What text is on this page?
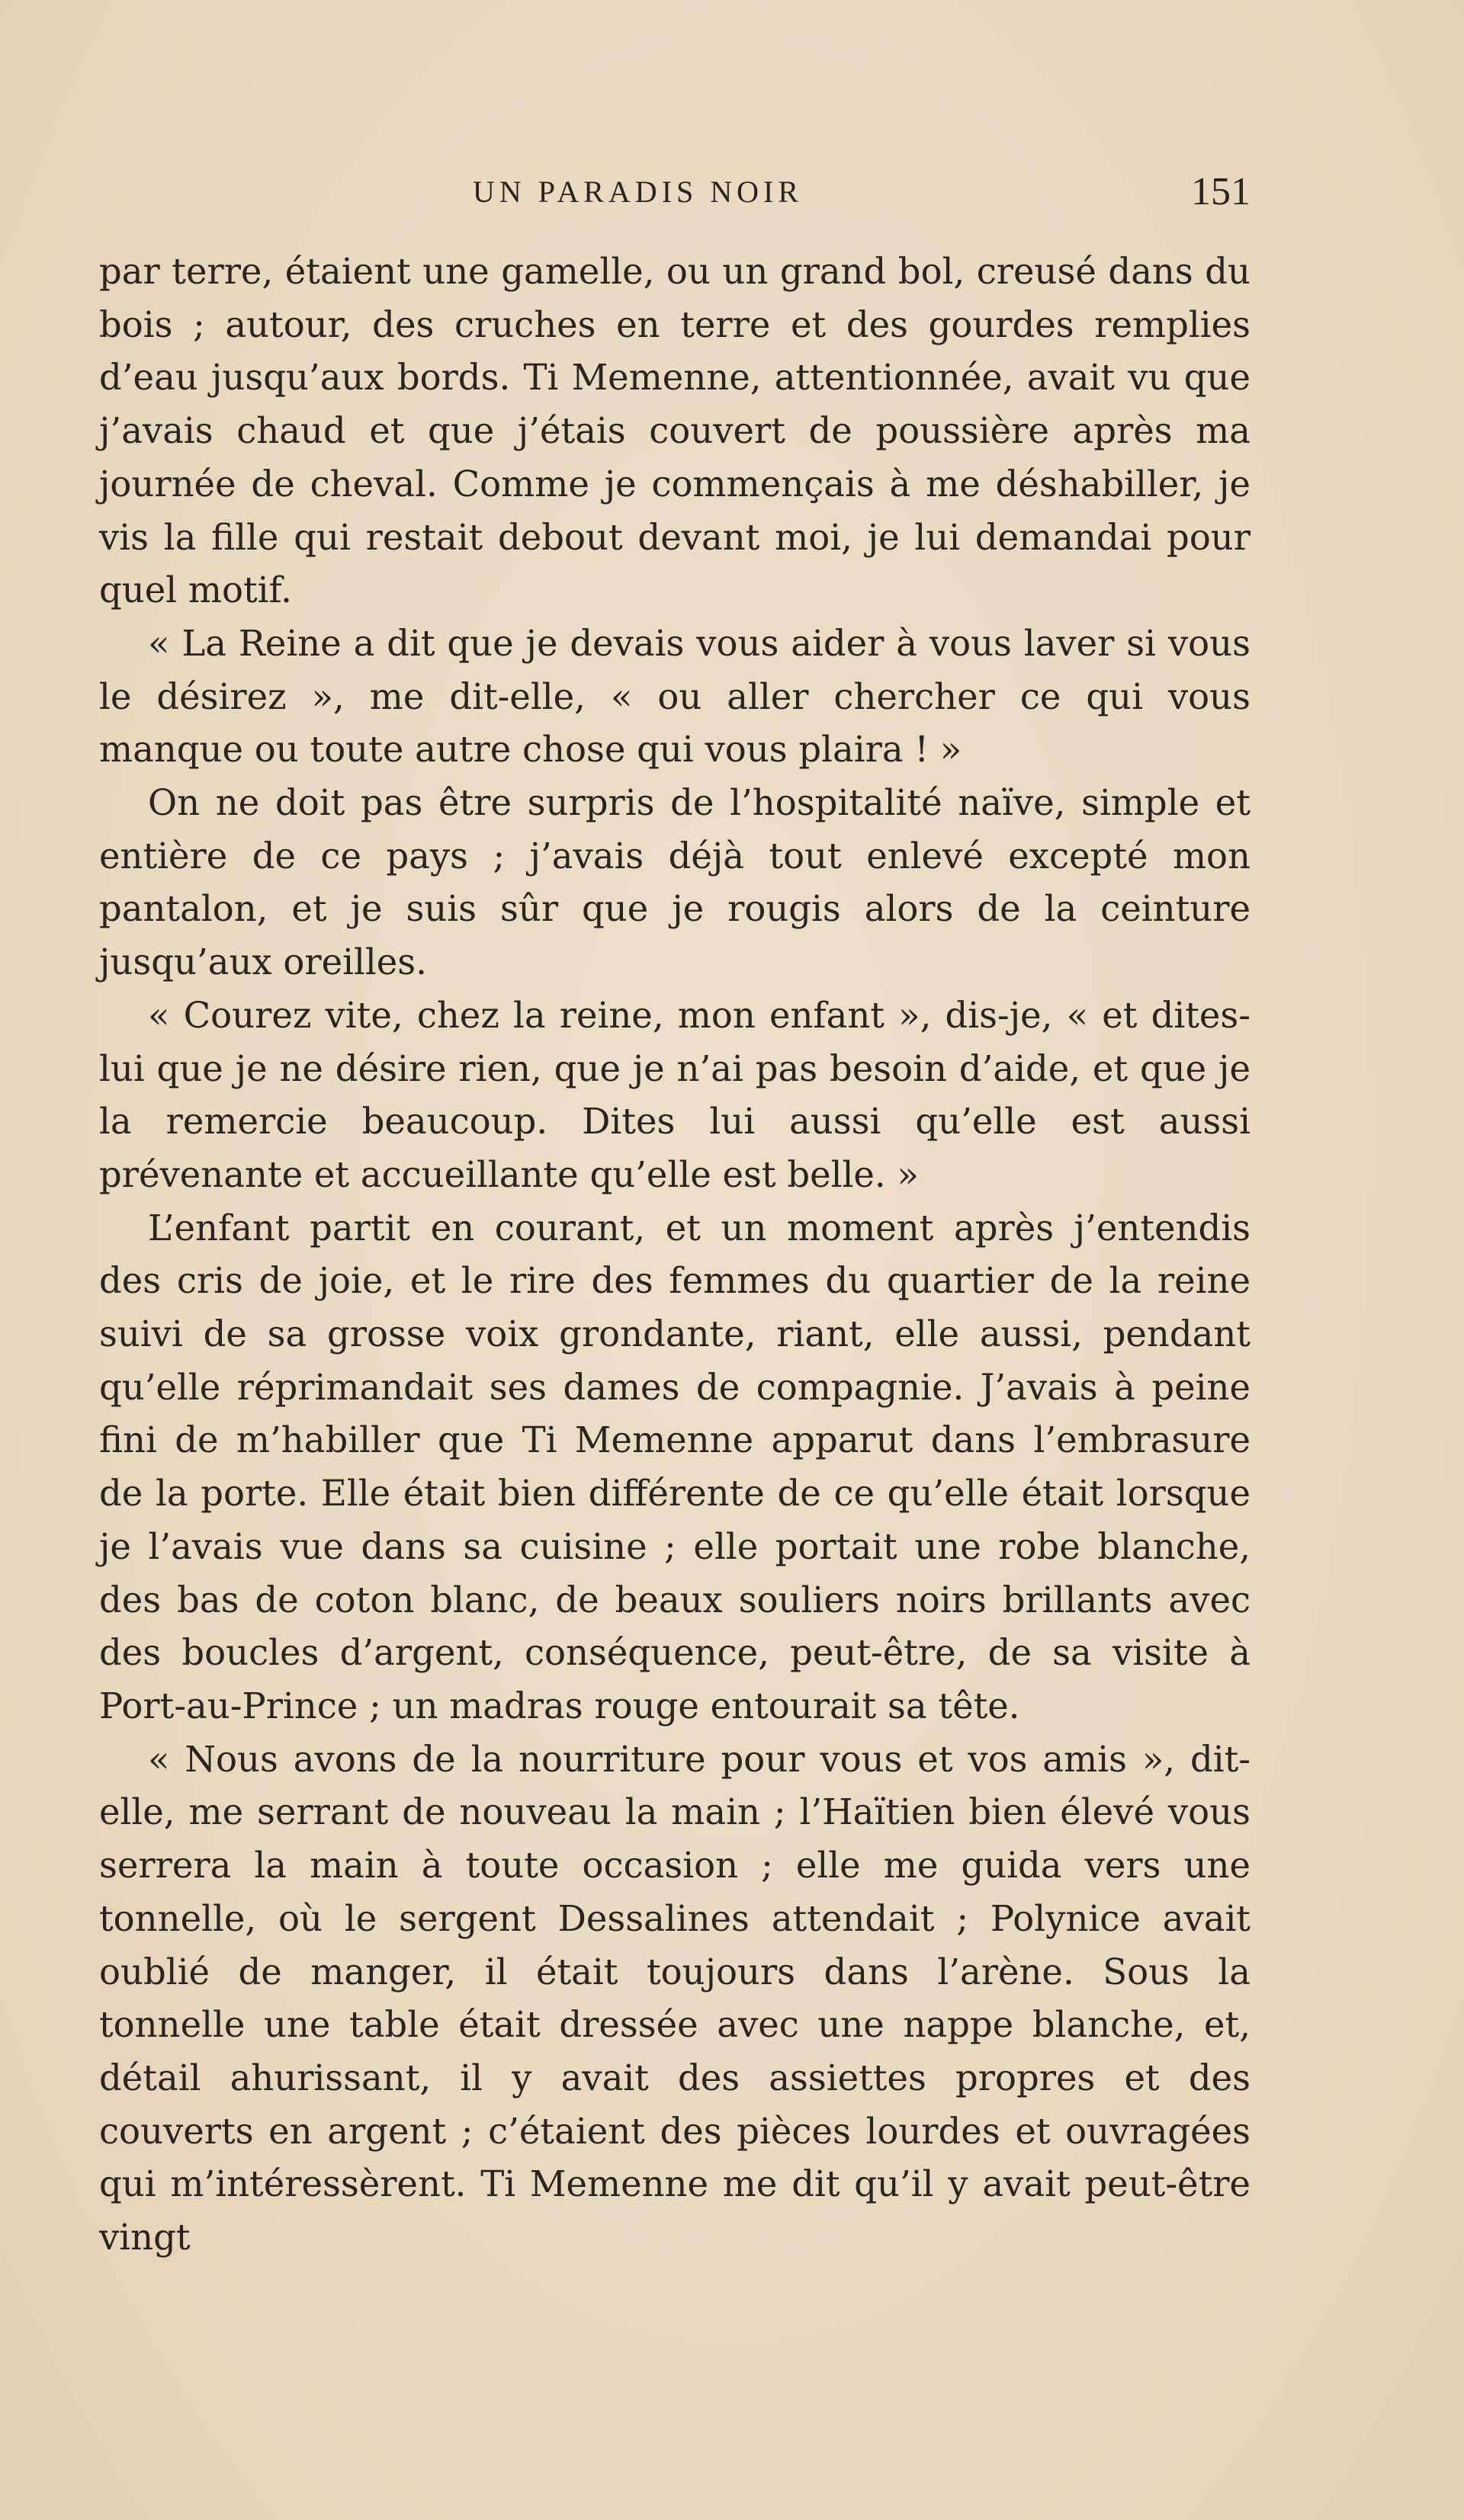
UN PARADIS NOIR	151

par terre, étaient une gamelle, ou un grand bol, creusé dans du bois ; autour, des cruches en terre et des gourdes remplies d’eau jusqu’aux bords. Ti Memenne, attentionnée, avait vu que j’avais chaud et que j’étais couvert de poussière après ma journée de cheval. Comme je commençais à me déshabiller, je vis la fille qui restait debout devant moi, je lui demandai pour quel motif.

« La Reine a dit que je devais vous aider à vous laver si vous le désirez », me dit-elle, « ou aller chercher ce qui vous manque ou toute autre chose qui vous plaira ! »

On ne doit pas être surpris de l’hospitalité naïve, simple et entière de ce pays ; j’avais déjà tout enlevé excepté mon pantalon, et je suis sûr que je rougis alors de la ceinture jusqu’aux oreilles.

« Courez vite, chez la reine, mon enfant », dis-je, « et dites-lui que je ne désire rien, que je n’ai pas besoin d’aide, et que je la remercie beaucoup. Dites lui aussi qu’elle est aussi prévenante et accueillante qu’elle est belle. »

L’enfant partit en courant, et un moment après j’entendis des cris de joie, et le rire des femmes du quartier de la reine suivi de sa grosse voix grondante, riant, elle aussi, pendant qu’elle réprimandait ses dames de compagnie. J’avais à peine fini de m’habiller que Ti Memenne apparut dans l’embrasure de la porte. Elle était bien différente de ce qu’elle était lorsque je l’avais vue dans sa cuisine ; elle portait une robe blanche, des bas de coton blanc, de beaux souliers noirs brillants avec des boucles d’argent, conséquence, peut-être, de sa visite à Port-au-Prince ; un madras rouge entourait sa tête.

« Nous avons de la nourriture pour vous et vos amis », dit-elle, me serrant de nouveau la main ; l’Haïtien bien élevé vous serrera la main à toute occasion ; elle me guida vers une tonnelle, où le sergent Dessalines attendait ; Polynice avait oublié de manger, il était toujours dans l’arène. Sous la tonnelle une table était dressée avec une nappe blanche, et, détail ahurissant, il y avait des assiettes propres et des couverts en argent ; c’étaient des pièces lourdes et ouvragées qui m’intéressèrent. Ti Memenne me dit qu’il y avait peut-être vingt
